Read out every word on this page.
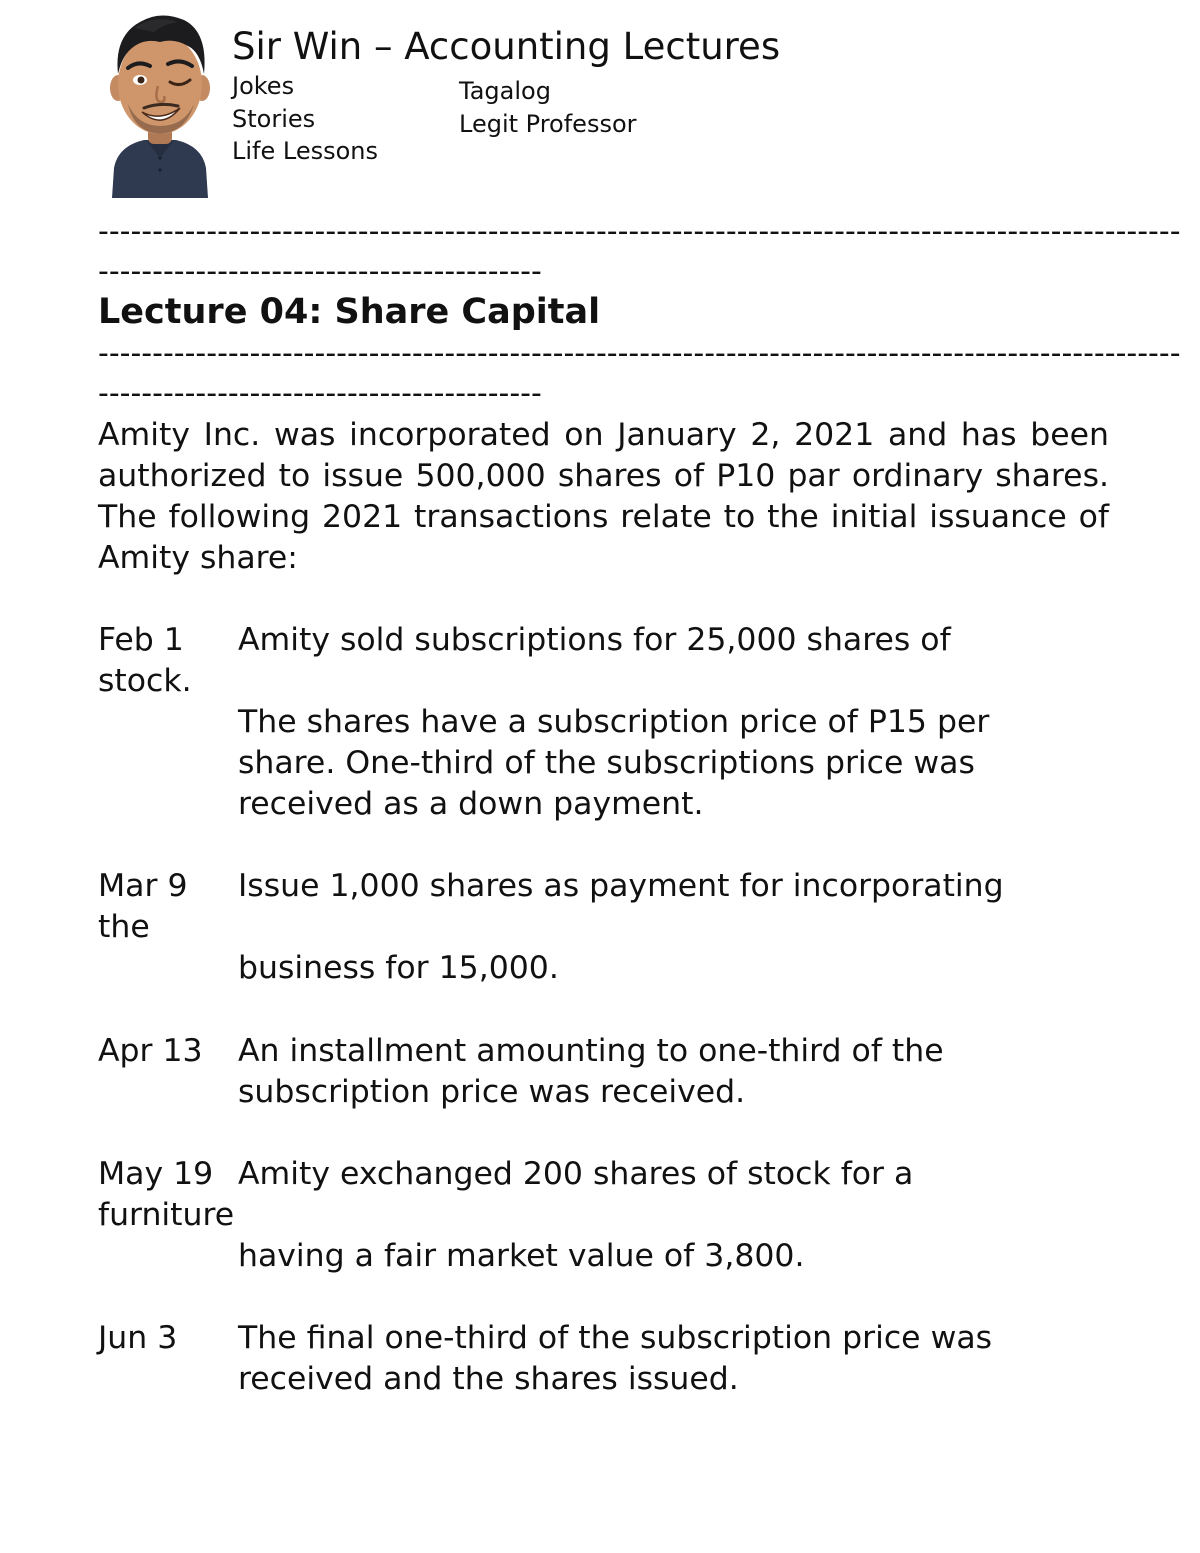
Sir Win – Accounting Lectures
Jokes
Stories
Life Lessons
Tagalog
Legit Professor
----------------------------------------------------------------------------------------------------
-----------------------------------------
Lecture 04: Share Capital
----------------------------------------------------------------------------------------------------
-----------------------------------------
Amity Inc. was incorporated on January 2, 2021 and has been authorized to issue 500,000 shares of P10 par ordinary shares. The following 2021 transactions relate to the initial issuance of Amity share:
Feb 1 Amity sold subscriptions for 25,000 shares of
stock.
The shares have a subscription price of P15 per
share. One-third of the subscriptions price was
received as a down payment.
Mar 9 Issue 1,000 shares as payment for incorporating
the
business for 15,000.
Apr 13 An installment amounting to one-third of the
subscription price was received.
May 19 Amity exchanged 200 shares of stock for a
furniture
having a fair market value of 3,800.
Jun 3 The final one-third of the subscription price was
received and the shares issued.
